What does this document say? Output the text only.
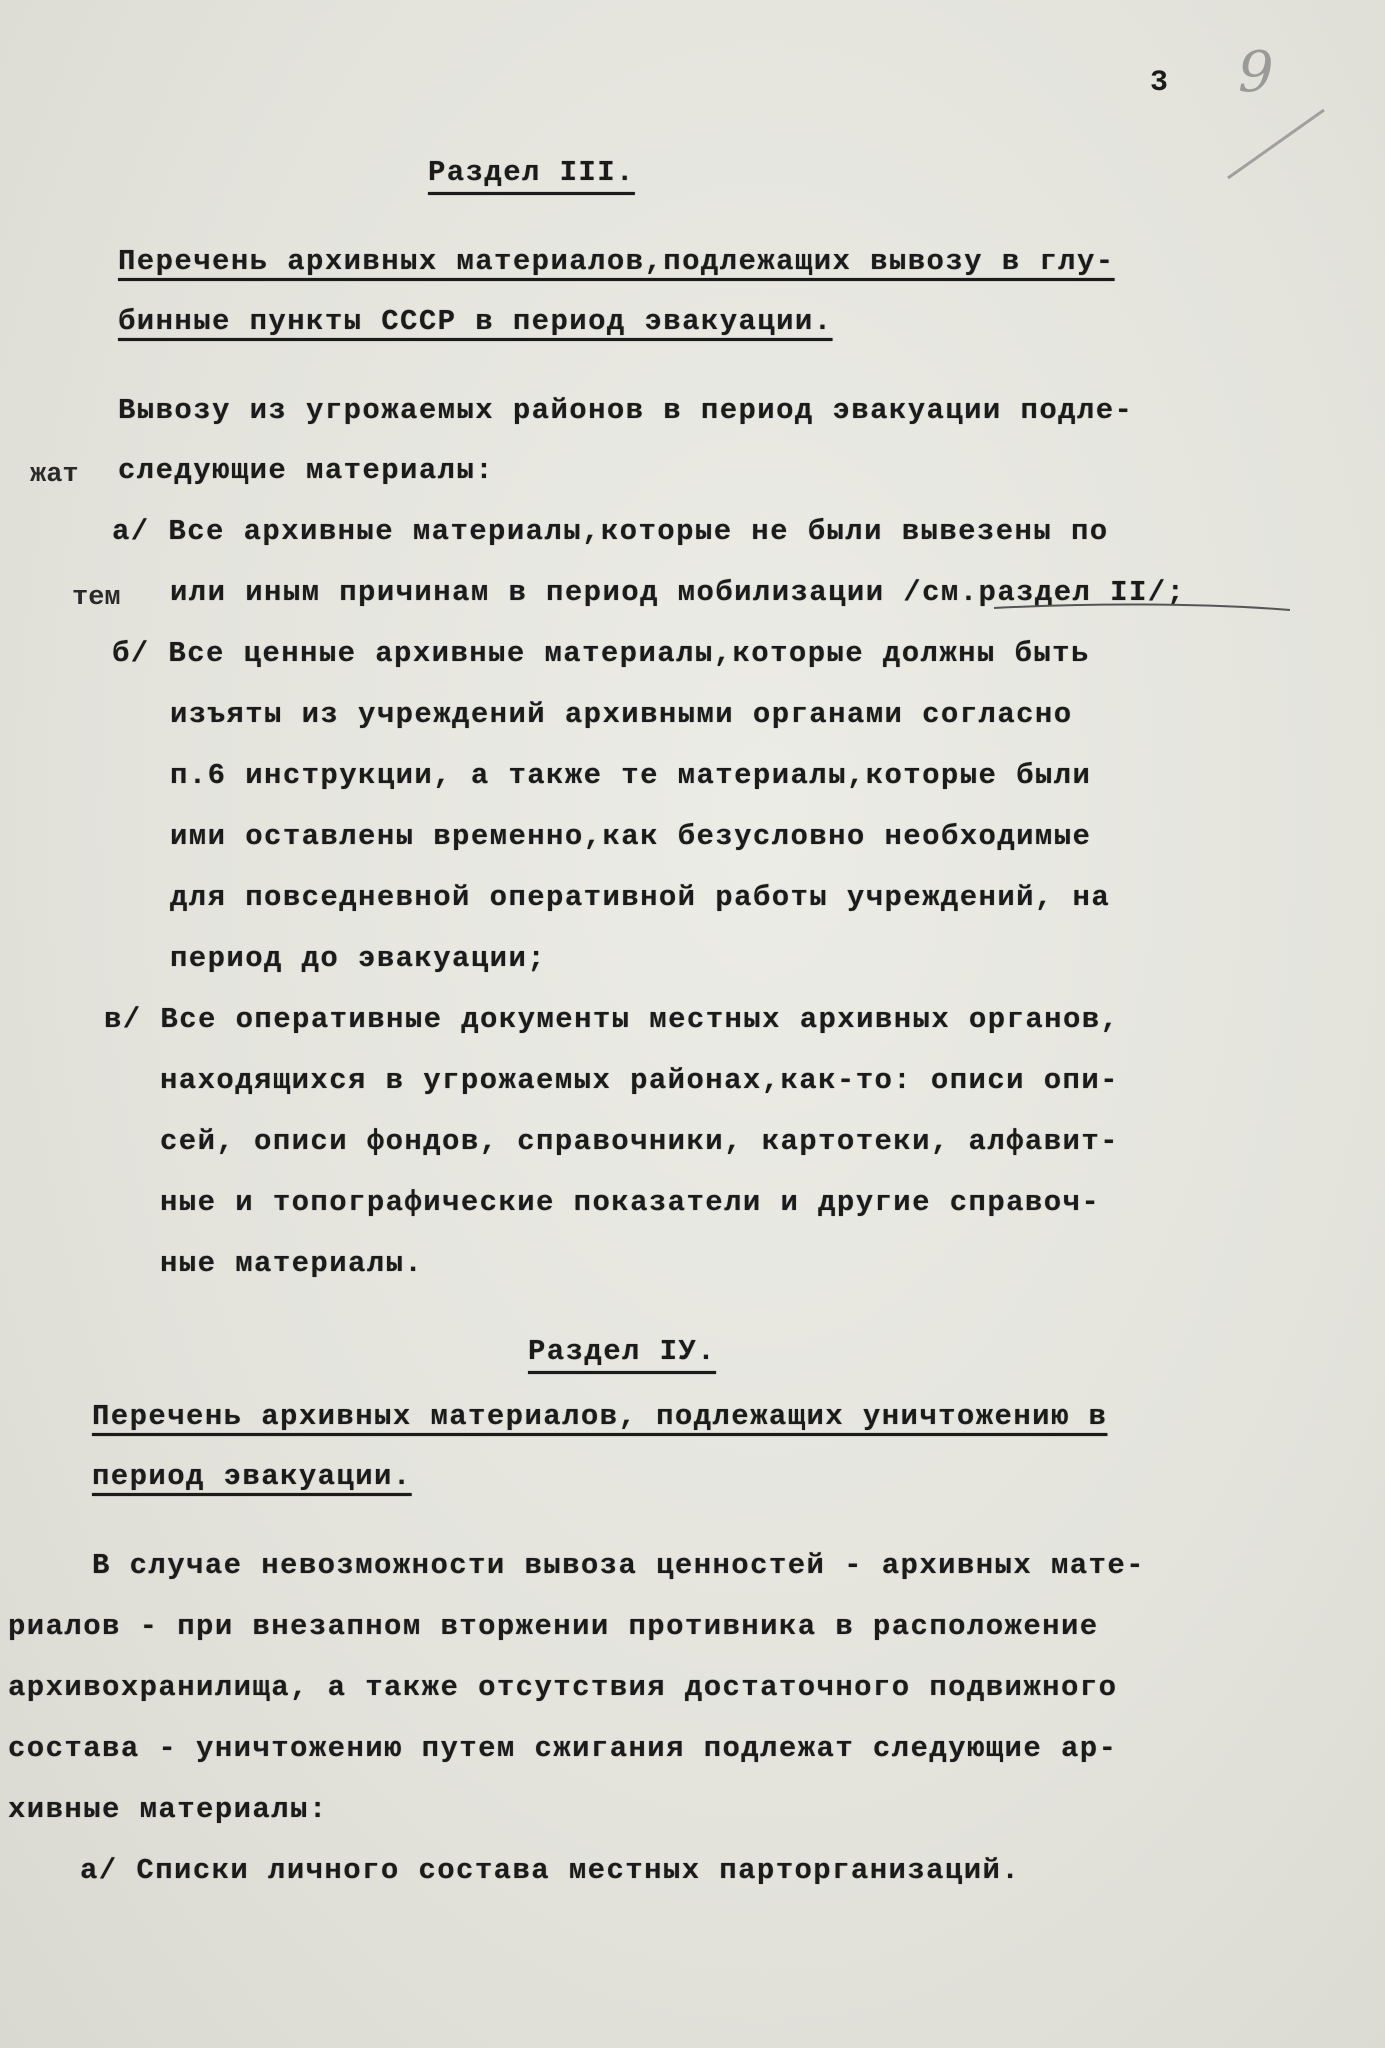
3 9
Раздел III.
Перечень архивных материалов,подлежащих вывозу в глу-
бинные пункты СССР в период эвакуации.
Вывозу из угрожаемых районов в период эвакуации подле-
следующие материалы:
а/ Все архивные материалы,которые не были вывезены по
или иным причинам в период мобилизации /см.раздел II/;
б/ Все ценные архивные материалы,которые должны быть
изъяты из учреждений архивными органами согласно
п.6 инструкции, а также те материалы,которые были
ими оставлены временно,как безусловно необходимые
для повседневной оперативной работы учреждений, на
период до эвакуации;
в/ Все оперативные документы местных архивных органов,
находящихся в угрожаемых районах,как-то: описи опи-
сей, описи фондов, справочники, картотеки, алфавит-
ные и топографические показатели и другие справоч-
ные материалы.
Раздел IУ.
Перечень архивных материалов, подлежащих уничтожению в
период эвакуации.
В случае невозможности вывоза ценностей - архивных мате-
риалов - при внезапном вторжении противника в расположение
архивохранилища, а также отсутствия достаточного подвижного
состава - уничтожению путем сжигания подлежат следующие ар-
хивные материалы:
а/ Списки личного состава местных парторганизаций.
жат
тем
